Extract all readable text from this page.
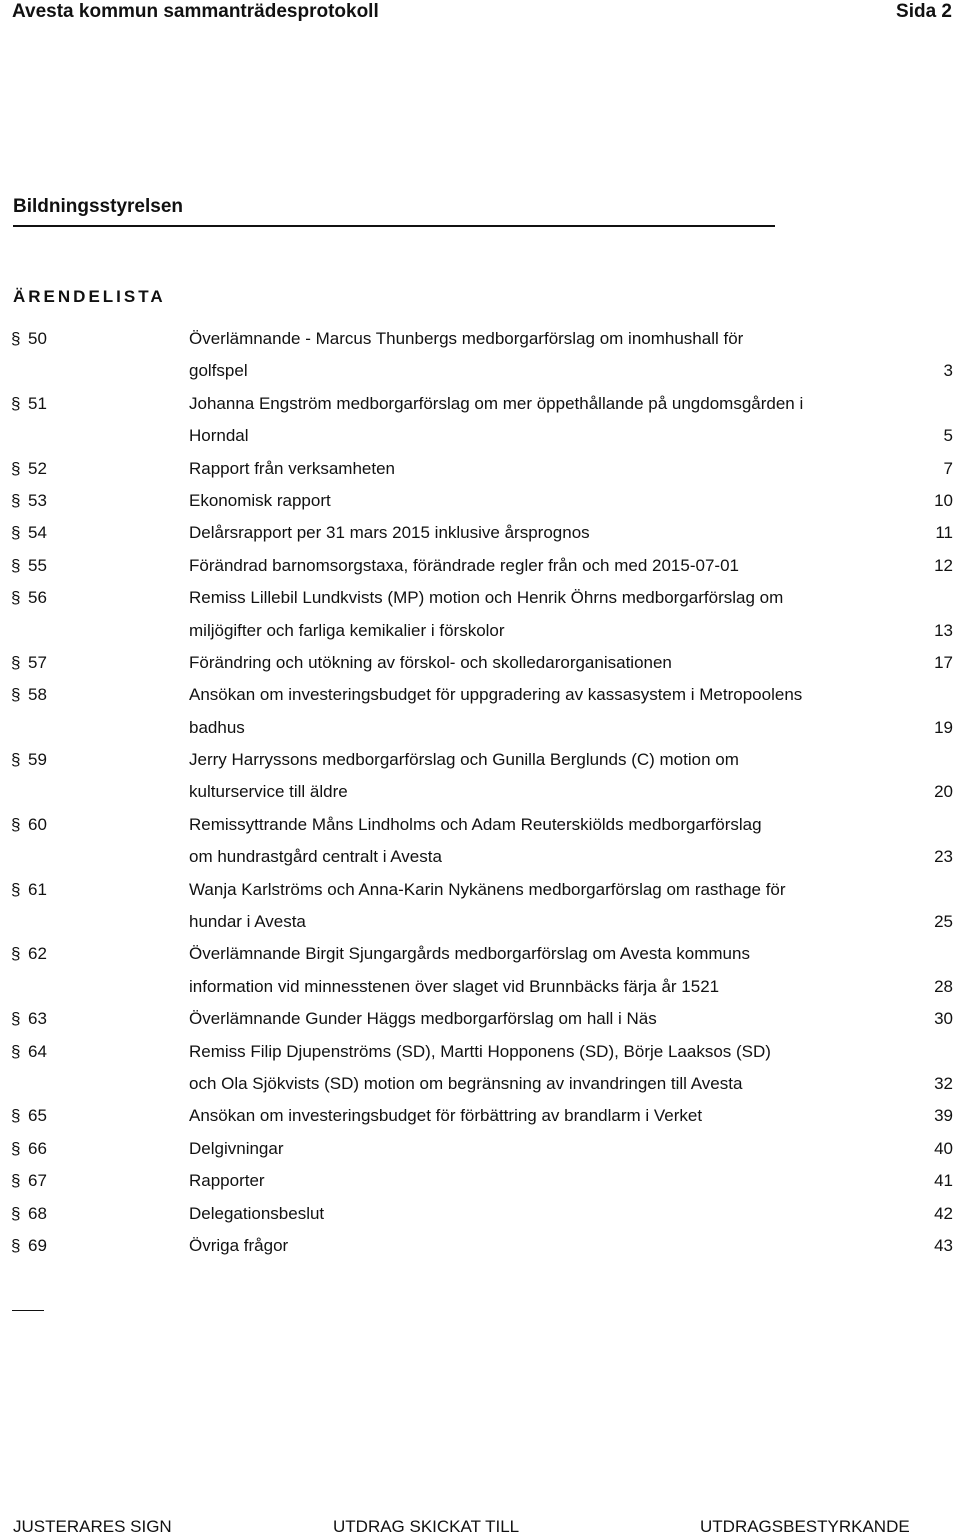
Avesta kommun sammanträdesprotokoll	Sida 2
Bildningsstyrelsen
ÄRENDELISTA
§ 50	Överlämnande - Marcus Thunbergs medborgarförslag om inomhushall för
golfspel	3
§ 51	Johanna Engström medborgarförslag om mer öppethållande på ungdomsgården i
Horndal	5
§ 52	Rapport från verksamheten	7
§ 53	Ekonomisk rapport	10
§ 54	Delårsrapport per 31 mars 2015 inklusive årsprognos	11
§ 55	Förändrad barnomsorgstaxa, förändrade regler från och med 2015-07-01	12
§ 56	Remiss Lillebil Lundkvists (MP) motion och Henrik Öhrns medborgarförslag om
miljögifter och farliga kemikalier i förskolor	13
§ 57	Förändring och utökning av förskol- och skolledarorganisationen	17
§ 58	Ansökan om investeringsbudget för uppgradering av kassasystem i Metropoolens
badhus	19
§ 59	Jerry Harryssons medborgarförslag och Gunilla Berglunds (C) motion om
kulturservice till äldre	20
§ 60	Remissyttrande Måns Lindholms och Adam Reuterskiölds medborgarförslag
om hundrastgård centralt i Avesta	23
§ 61	Wanja Karlströms och Anna-Karin Nykänens medborgarförslag om rasthage för
hundar i Avesta	25
§ 62	Överlämnande Birgit Sjungargårds medborgarförslag om Avesta kommuns
information vid minnesstenen över slaget vid Brunnbäcks färja år 1521	28
§ 63	Överlämnande Gunder Häggs medborgarförslag om hall i Näs	30
§ 64	Remiss Filip Djupenströms (SD), Martti Hopponens (SD), Börje Laaksos (SD)
och Ola Sjökvists (SD) motion om begränsning av invandringen till Avesta	32
§ 65	Ansökan om investeringsbudget för förbättring av brandlarm i Verket	39
§ 66	Delgivningar	40
§ 67	Rapporter	41
§ 68	Delegationsbeslut	42
§ 69	Övriga frågor	43
JUSTERARES SIGN	UTDRAG SKICKAT TILL	UTDRAGSBESTYRKANDE
